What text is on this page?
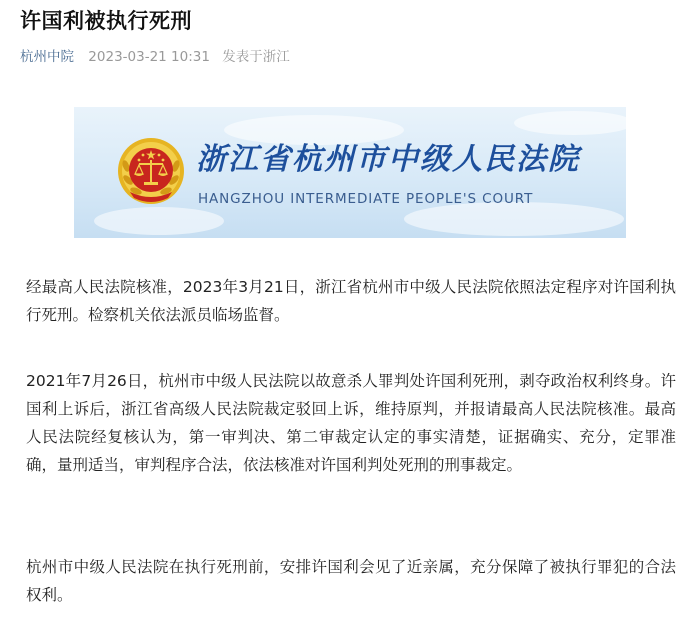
许国利被执行死刑
杭州中院 2023-03-21 10:31 发表于浙江
浙江省杭州市中级人民法院
HANGZHOU INTERMEDIATE PEOPLE'S COURT

经最高人民法院核准，2023年3月21日，浙江省杭州市中级人民法院依照法定程序对许国利执行死刑。检察机关依法派员临场监督。

2021年7月26日，杭州市中级人民法院以故意杀人罪判处许国利死刑，剥夺政治权利终身。许国利上诉后，浙江省高级人民法院裁定驳回上诉，维持原判，并报请最高人民法院核准。最高人民法院经复核认为，第一审判决、第二审裁定认定的事实清楚，证据确实、充分，定罪准确，量刑适当，审判程序合法，依法核准对许国利判处死刑的刑事裁定。

杭州市中级人民法院在执行死刑前，安排许国利会见了近亲属，充分保障了被执行罪犯的合法权利。
